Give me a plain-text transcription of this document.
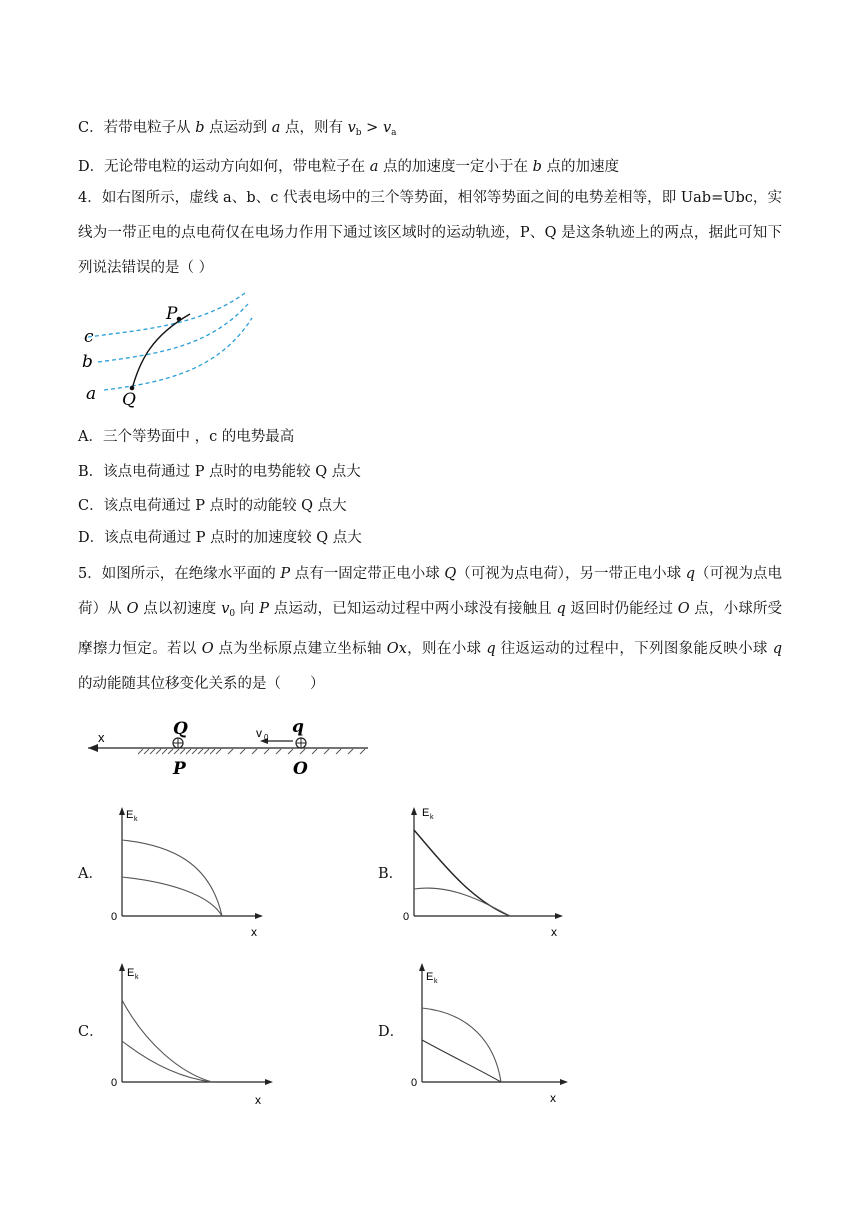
C．若带电粒子从 b 点运动到 a 点，则有 $v_b > v_a$
D．无论带电粒的运动方向如何，带电粒子在 a 点的加速度一定小于在 b 点的加速度
4．如右图所示，虚线 a、b、c 代表电场中的三个等势面，相邻等势面之间的电势差相等，即 Uab=Ubc，实线为一带正电的点电荷仅在电场力作用下通过该区域时的运动轨迹，P、Q 是这条轨迹上的两点，据此可知下列说法错误的是（ ）
c
b
a
P
Q
A．三个等势面中 ，c 的电势最高
B．该点电荷通过 P 点时的电势能较 Q 点大
C．该点电荷通过 P 点时的动能较 Q 点大
D．该点电荷通过 P 点时的加速度较 Q 点大
5．如图所示，在绝缘水平面的 P 点有一固定带正电小球 Q（可视为点电荷），另一带正电小球 q（可视为点电荷）从 O 点以初速度 $v_0$ 向 P 点运动，已知运动过程中两小球没有接触且 q 返回时仍能经过 O 点，小球所受摩擦力恒定。若以 O 点为坐标原点建立坐标轴 Ox，则在小球 q 往返运动的过程中，下列图象能反映小球 q 的动能随其位移变化关系的是（　　）
x	v 0
Q	q
P	O
A．
E k
0
x
B．
E k
0
x
C．
E k
0
x
D．
E k
0
x
